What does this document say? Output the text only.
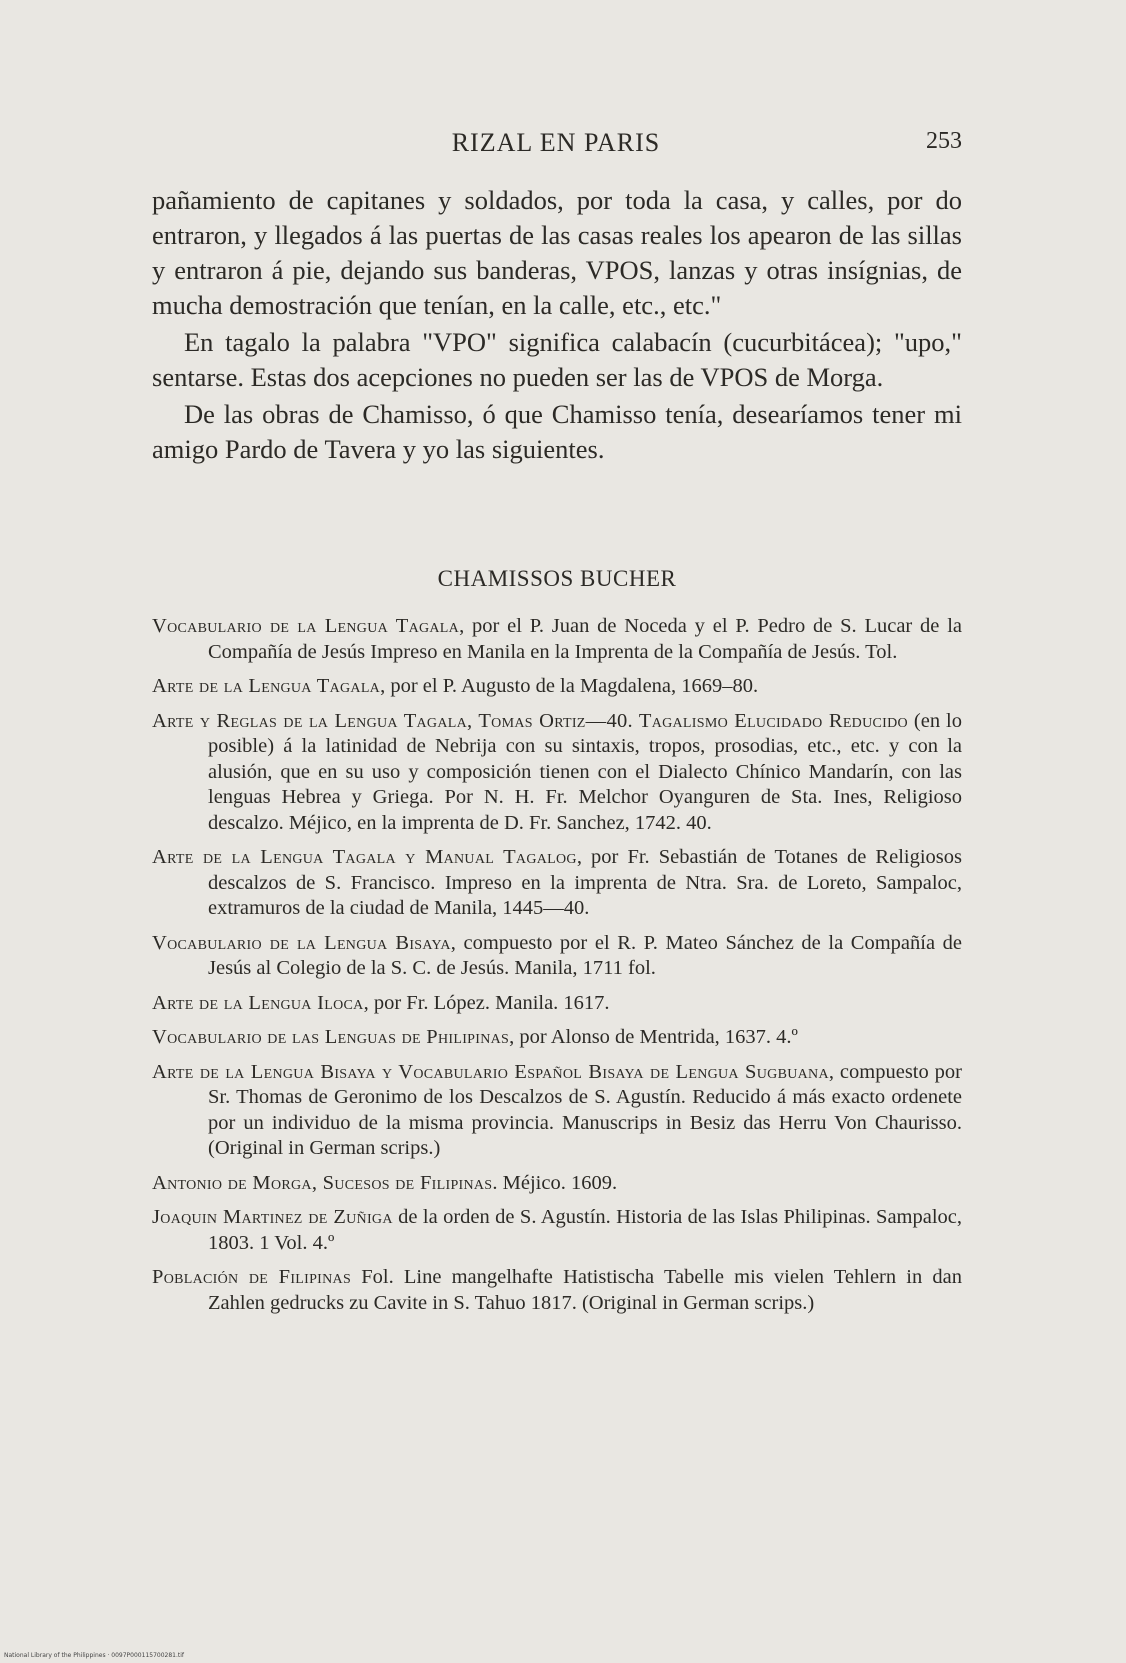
RIZAL EN PARIS	253

pañamiento de capitanes y soldados, por toda la casa, y calles, por do entraron, y llegados á las puertas de las casas reales los apearon de las sillas y entraron á pie, dejando sus banderas, VPOS, lanzas y otras insígnias, de mucha demostración que tenían, en la calle, etc., etc."

En tagalo la palabra "VPO" significa calabacín (cucurbitácea); "upo," sentarse. Estas dos acepciones no pueden ser las de VPOS de Morga.

De las obras de Chamisso, ó que Chamisso tenía, desearíamos tener mi amigo Pardo de Tavera y yo las siguientes.

CHAMISSOS BUCHER
Vocabulario de la Lengua Tagala, por el P. Juan de Noceda y el P. Pedro de S. Lucar de la Compañía de Jesús Impreso en Manila en la Imprenta de la Compañía de Jesús. Tol.
Arte de la Lengua Tagala, por el P. Augusto de la Magdalena, 1669–80.
Arte y Reglas de la Lengua Tagala, Tomas Ortiz—40. Tagalismo Elucidado Reducido (en lo posible) á la latinidad de Nebrija con su sintaxis, tropos, prosodias, etc., etc. y con la alusión, que en su uso y composición tienen con el Dialecto Chínico Mandarín, con las lenguas Hebrea y Griega. Por N. H. Fr. Melchor Oyanguren de Sta. Ines, Religioso descalzo. Méjico, en la imprenta de D. Fr. Sanchez, 1742. 40.
Arte de la Lengua Tagala y Manual Tagalog, por Fr. Sebastián de Totanes de Religiosos descalzos de S. Francisco. Impreso en la imprenta de Ntra. Sra. de Loreto, Sampaloc, extramuros de la ciudad de Manila, 1445—40.
Vocabulario de la Lengua Bisaya, compuesto por el R. P. Mateo Sánchez de la Compañía de Jesús al Colegio de la S. C. de Jesús. Manila, 1711 fol.
Arte de la Lengua Iloca, por Fr. López. Manila. 1617.
Vocabulario de las Lenguas de Philipinas, por Alonso de Mentrida, 1637. 4.º
Arte de la Lengua Bisaya y Vocabulario Español Bisaya de Lengua Sugbuana, compuesto por Sr. Thomas de Geronimo de los Descalzos de S. Agustín. Reducido á más exacto ordenete por un individuo de la misma provincia. Manuscrips in Besiz das Herru Von Chaurisso. (Original in German scrips.)
Antonio de Morga, Sucesos de Filipinas. Méjico. 1609.
Joaquin Martinez de Zuñiga de la orden de S. Agustín. Historia de las Islas Philipinas. Sampaloc, 1803. 1 Vol. 4.º
Población de Filipinas Fol. Line mangelhafte Hatistischa Tabelle mis vielen Tehlern in dan Zahlen gedrucks zu Cavite in S. Tahuo 1817. (Original in German scrips.)
National Library of the Philippines · 0097P000115700281.tif
